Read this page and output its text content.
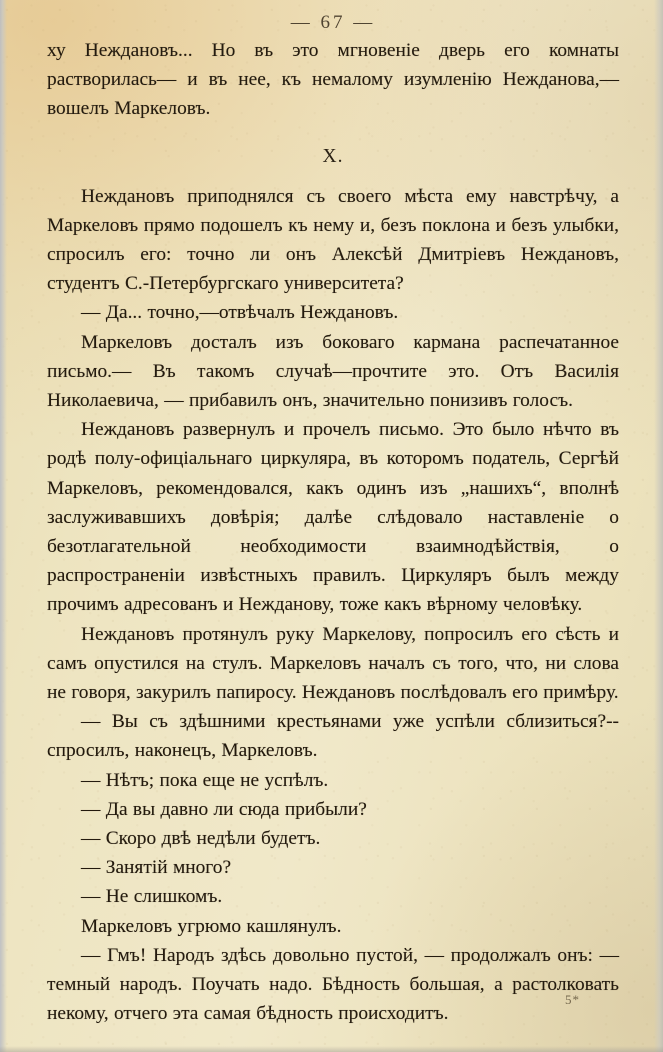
— 67 —

ху Неждановъ... Но въ это мгновеніе дверь его комнаты растворилась— и въ нее, къ немалому изумленію Нежданова,—вошелъ Маркеловъ.

X.

Неждановъ приподнялся съ своего мѣста ему навстрѣчу, а Маркеловъ прямо подошелъ къ нему и, безъ поклона и безъ улыбки, спросилъ его: точно ли онъ Алексѣй Дмитріевъ Неждановъ, студентъ С.-Петербургскаго университета?

— Да... точно,—отвѣчалъ Неждановъ.

Маркеловъ досталъ изъ боковаго кармана распечатанное письмо.— Въ такомъ случаѣ—прочтите это. Отъ Василія Николаевича, — прибавилъ онъ, значительно понизивъ голосъ.

Неждановъ развернулъ и прочелъ письмо. Это было нѣчто въ родѣ полу-офиціальнаго циркуляра, въ которомъ податель, Сергѣй Маркеловъ, рекомендовался, какъ одинъ изъ „нашихъ“, вполнѣ заслуживавшихъ довѣрія; далѣе слѣдовало наставленіе о безотлагательной необходимости взаимнодѣйствія, о распространеніи извѣстныхъ правилъ. Циркуляръ былъ между прочимъ адресованъ и Нежданову, тоже какъ вѣрному человѣку.

Неждановъ протянулъ руку Маркелову, попросилъ его сѣсть и самъ опустился на стулъ. Маркеловъ началъ съ того, что, ни слова не говоря, закурилъ папиросу. Неждановъ послѣдовалъ его примѣру.

— Вы съ здѣшними крестьянами уже успѣли сблизиться?--спросилъ, наконецъ, Маркеловъ.

— Нѣтъ; пока еще не успѣлъ.

— Да вы давно ли сюда прибыли?

— Скоро двѣ недѣли будетъ.

— Занятій много?

— Не слишкомъ.

Маркеловъ угрюмо кашлянулъ.

— Гмъ! Народъ здѣсь довольно пустой, — продолжалъ онъ: —темный народъ. Поучать надо. Бѣдность большая, а растолковать некому, отчего эта самая бѣдность происходитъ.

5*
